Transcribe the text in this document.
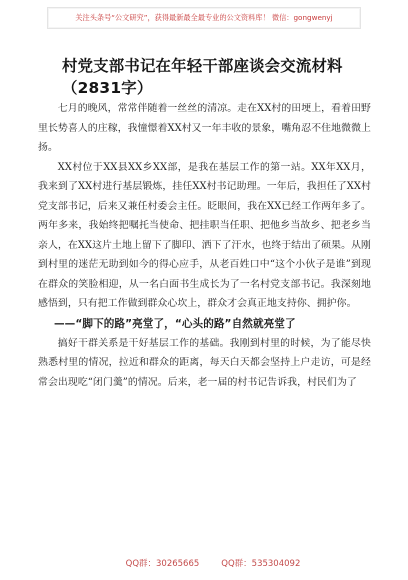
关注头条号“公文研究”，获得最新最全最专业的公文资料库！ 微信：gongwenyj
村党支部书记在年轻干部座谈会交流材料（2831字）

七月的晚风，常常伴随着一丝丝的清凉。走在XX村的田埂上，看着田野里长势喜人的庄稼，我憧憬着XX村又一年丰收的景象，嘴角忍不住地微微上扬。

XX村位于XX县XX乡XX部，是我在基层工作的第一站。XX年XX月，我来到了XX村进行基层锻炼，挂任XX村书记助理。一年后，我担任了XX村党支部书记，后来又兼任村委会主任。眨眼间，我在XX已经工作两年多了。两年多来，我始终把嘱托当使命、把挂职当任职、把他乡当故乡、把老乡当亲人，在XX这片土地上留下了脚印、洒下了汗水，也终于结出了硕果。从刚到村里的迷茫无助到如今的得心应手，从老百姓口中“这个小伙子是谁”到现在群众的笑脸相迎，从一名白面书生成长为了一名村党支部书记。我深刻地感悟到，只有把工作做到群众心坎上，群众才会真正地支持你、拥护你。

——“脚下的路”亮堂了，“心头的路”自然就亮堂了

搞好干群关系是干好基层工作的基础。我刚到村里的时候，为了能尽快熟悉村里的情况，拉近和群众的距离，每天白天都会坚持上户走访，可是经常会出现吃“闭门羹”的情况。后来，老一届的村书记告诉我，村民们为了

QQ群：30265665	QQ群：535304092
